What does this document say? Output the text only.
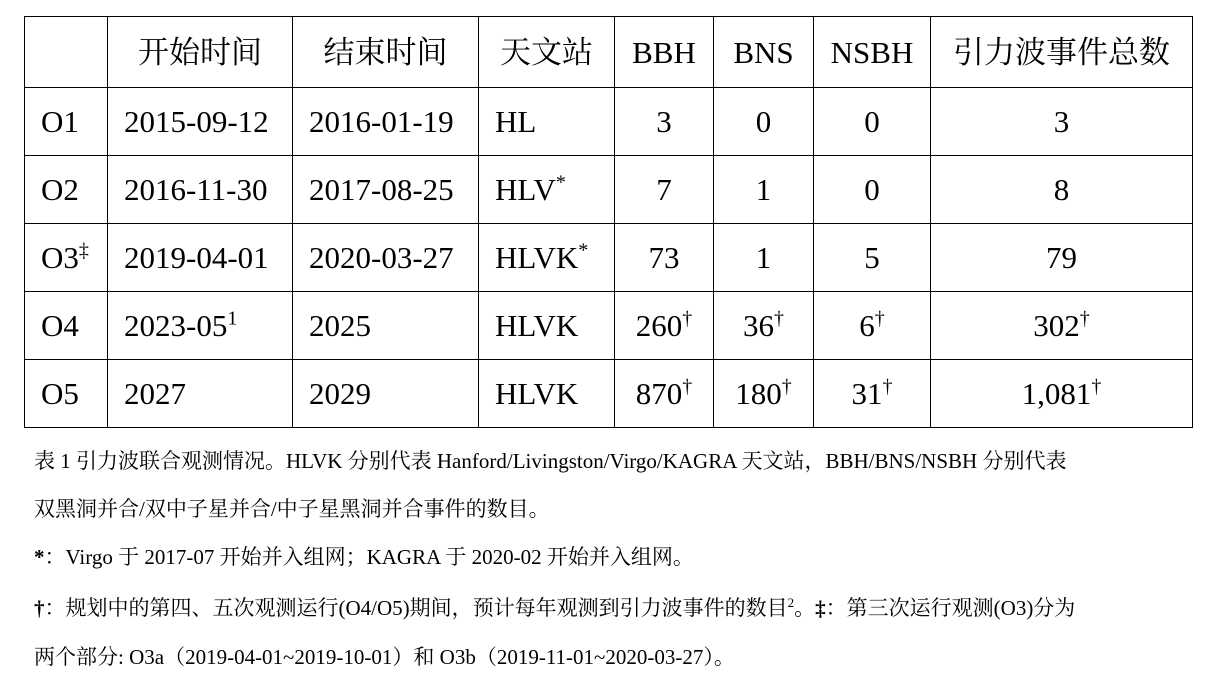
	开始时间	结束时间	天文站	BBH	BNS	NSBH	引力波事件总数
O1	2015-09-12	2016-01-19	HL	3	0	0	3
O2	2016-11-30	2017-08-25	HLV*	7	1	0	8
O3‡	2019-04-01	2020-03-27	HLVK*	73	1	5	79
O4	$2023-05^1$	2025	HLVK	260†	36†	6†	302†
O5	2027	2029	HLVK	870†	180†	31†	1,081†
表 1 引力波联合观测情况。HLVK 分别代表 Hanford/Livingston/Virgo/KAGRA 天文站，BBH/BNS/NSBH 分别代表
双黑洞并合/双中子星并合/中子星黑洞并合事件的数目。
*：Virgo 于 2017-07 开始并入组网；KAGRA 于 2020-02 开始并入组网。
†：规划中的第四、五次观测运行(O4/O5)期间，预计每年观测到引力波事件的数目$^2$。‡：第三次运行观测(O3)分为
两个部分: O3a（2019-04-01~2019-10-01）和 O3b（2019-11-01~2020-03-27）。
